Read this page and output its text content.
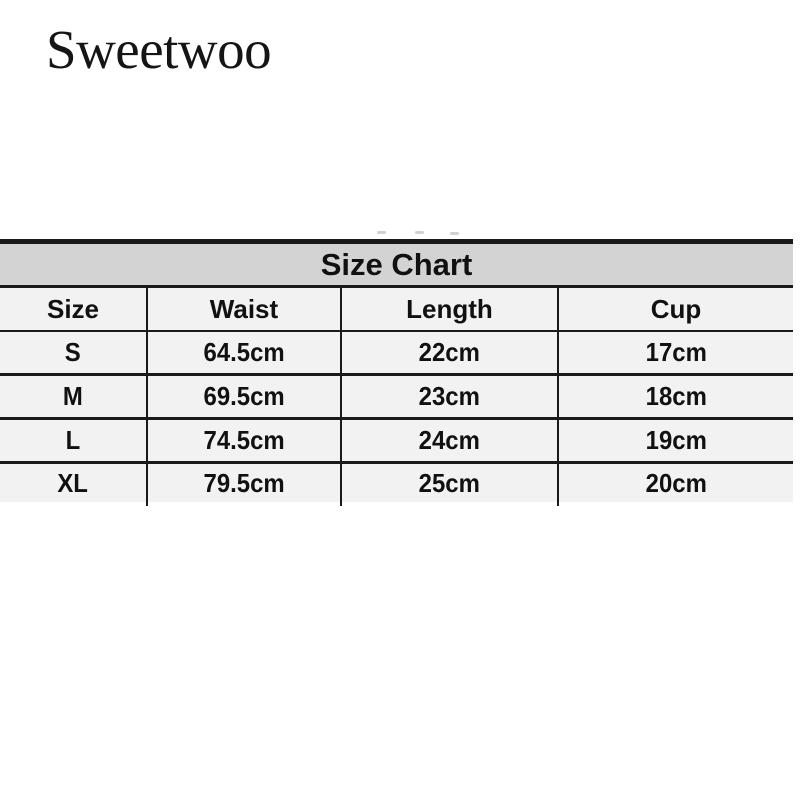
Sweetwoo
Size Chart
Size	Waist	Length	Cup
S	64.5cm	22cm	17cm
M	69.5cm	23cm	18cm
L	74.5cm	24cm	19cm
XL	79.5cm	25cm	20cm
